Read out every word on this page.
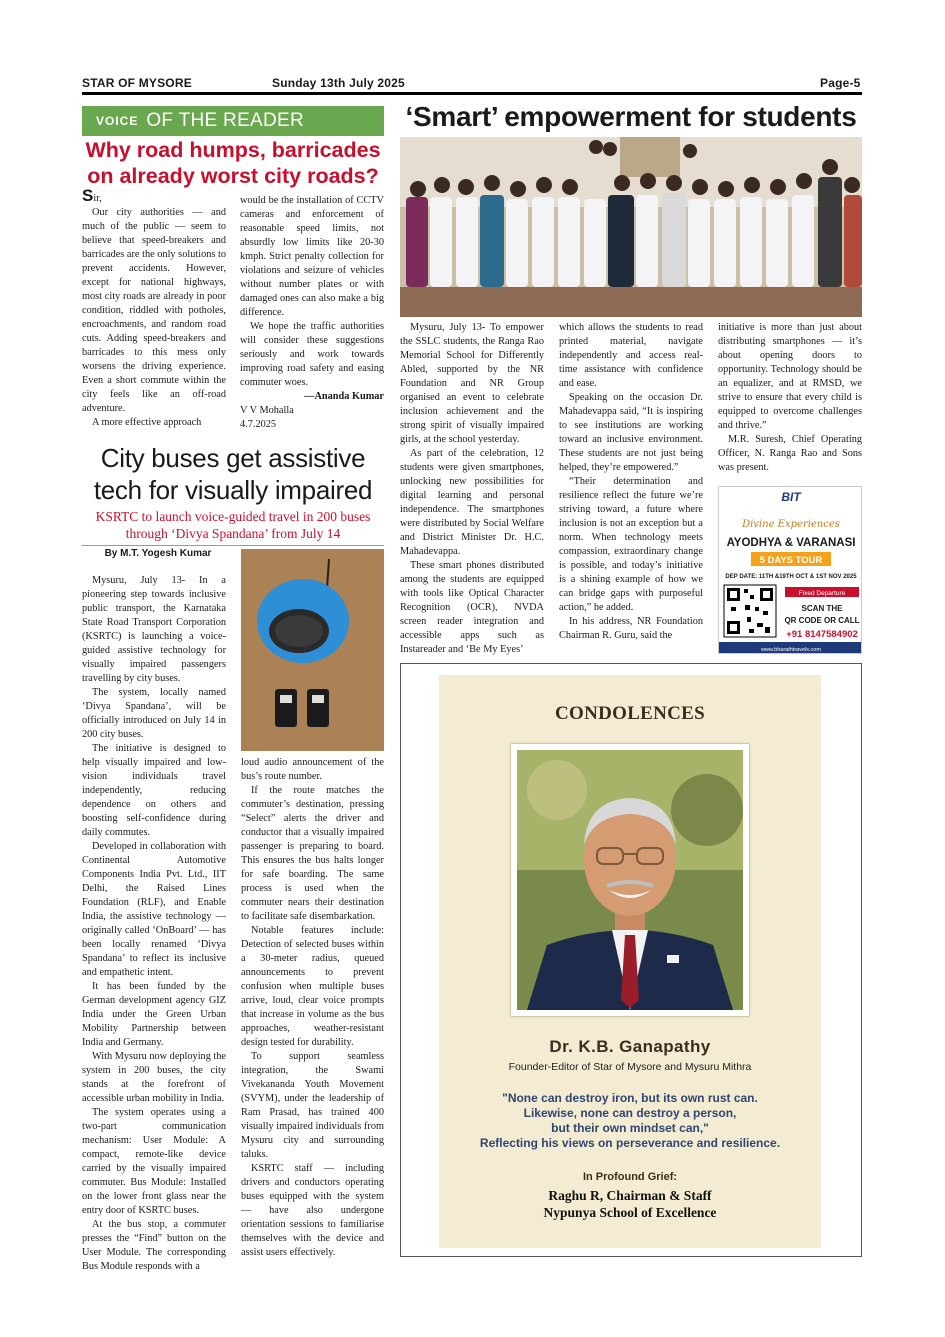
STAR OF MYSORE	Sunday 13th July 2025	Page-5
VOICE OF THE READER
Why road humps, barricades
on already worst city roads?

Sir,

Our city authorities — and much of the public — seem to believe that speed-breakers and barricades are the only solutions to prevent accidents. However, except for national highways, most city roads are already in poor condition, riddled with potholes, encroachments, and random road cuts. Adding speed-breakers and barricades to this mess only worsens the driving experience. Even a short commute within the city feels like an off-road adventure.

A more effective approach

would be the installation of CCTV cameras and enforcement of reasonable speed limits, not absurdly low limits like 20-30 kmph. Strict penalty collection for violations and seizure of vehicles without number plates or with damaged ones can also make a big difference.

We hope the traffic authorities will consider these suggestions seriously and work towards improving road safety and easing commuter woes.

—Ananda Kumar

V V Mohalla

4.7.2025

‘Smart’ empowerment for students

Mysuru, July 13- To empower the SSLC students, the Ranga Rao Memorial School for Differently Abled, supported by the NR Foundation and NR Group organised an event to celebrate inclusion achievement and the strong spirit of visually impaired girls, at the school yesterday.

As part of the celebration, 12 students were given smartphones, unlocking new possibilities for digital learning and personal independence. The smartphones were distributed by Social Welfare and District Minister Dr. H.C. Mahadevappa.

These smart phones distributed among the students are equipped with tools like Optical Character Recognition (OCR), NVDA screen reader integration and accessible apps such as Instareader and ‘Be My Eyes’

which allows the students to read printed material, navigate independently and access real-time assistance with confidence and ease.

Speaking on the occasion Dr. Mahadevappa said, “It is inspiring to see institutions are working toward an inclusive environment. These students are not just being helped, they’re empowered.”

“Their determination and resilience reflect the future we’re striving toward, a future where inclusion is not an exception but a norm. When technology meets compassion, extraordinary change is possible, and today’s initiative is a shining example of how we can bridge gaps with purposeful action,” he added.

In his address, NR Foundation Chairman R. Guru, said the

initiative is more than just about distributing smartphones — it’s about opening doors to opportunity. Technology should be an equalizer, and at RMSD, we strive to ensure that every child is equipped to overcome challenges and thrive.”

M.R. Suresh, Chief Operating Officer, N. Ranga Rao and Sons was present.

BIT
Divine Experiences
AYODHYA & VARANASI
5 DAYS TOUR
DEP DATE: 11TH &19TH OCT & 1ST NOV 2025
Fixed Departure
SCAN THE
QR CODE OR CALL
+91 8147584902
www.bharathtravels.com
City buses get assistive
tech for visually impaired
KSRTC to launch voice-guided travel in 200 buses
through ‘Divya Spandana’ from July 14
By M.T. Yogesh Kumar

Mysuru, July 13- In a pioneering step towards inclusive public transport, the Karnataka State Road Transport Corporation (KSRTC) is launching a voice-guided assistive technology for visually impaired passengers travelling by city buses.

The system, locally named ‘Divya Spandana’, will be officially introduced on July 14 in 200 city buses.

The initiative is designed to help visually impaired and low-vision individuals travel independently, reducing dependence on others and boosting self-confidence during daily commutes.

Developed in collaboration with Continental Automotive Components India Pvt. Ltd., IIT Delhi, the Raised Lines Foundation (RLF), and Enable India, the assistive technology — originally called ‘OnBoard’ — has been locally renamed ‘Divya Spandana’ to reflect its inclusive and empathetic intent.

It has been funded by the German development agency GIZ India under the Green Urban Mobility Partnership between India and Germany.

With Mysuru now deploying the system in 200 buses, the city stands at the forefront of accessible urban mobility in India.

The system operates using a two-part communication mechanism: User Module: A compact, remote-like device carried by the visually impaired commuter. Bus Module: Installed on the lower front glass near the entry door of KSRTC buses.

At the bus stop, a commuter presses the “Find” button on the User Module. The corresponding Bus Module responds with a

loud audio announcement of the bus’s route number.

If the route matches the commuter’s destination, pressing “Select” alerts the driver and conductor that a visually impaired passenger is preparing to board. This ensures the bus halts longer for safe boarding. The same process is used when the commuter nears their destination to facilitate safe disembarkation.

Notable features include: Detection of selected buses within a 30-meter radius, queued announcements to prevent confusion when multiple buses arrive, loud, clear voice prompts that increase in volume as the bus approaches, weather-resistant design tested for durability.

To support seamless integration, the Swami Vivekananda Youth Movement (SVYM), under the leadership of Ram Prasad, has trained 400 visually impaired individuals from Mysuru city and surrounding taluks.

KSRTC staff — including drivers and conductors operating buses equipped with the system — have also undergone orientation sessions to familiarise themselves with the device and assist users effectively.

CONDOLENCES
Dr. K.B. Ganapathy
Founder-Editor of Star of Mysore and Mysuru Mithra
"None can destroy iron, but its own rust can.
Likewise, none can destroy a person,
but their own mindset can,"
Reflecting his views on perseverance and resilience.
In Profound Grief:
Raghu R, Chairman & Staff
Nypunya School of Excellence
